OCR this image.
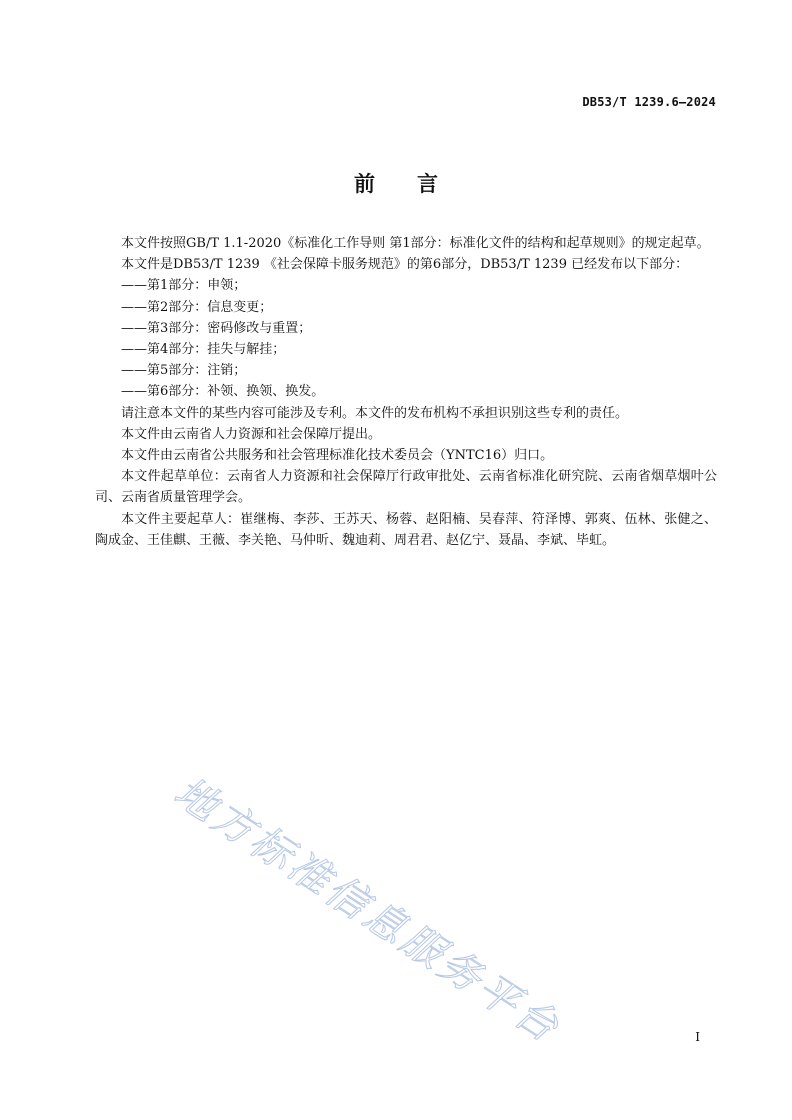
DB53/T 1239.6—2024
前 言

本文件按照GB/T 1.1-2020《标准化工作导则 第1部分：标准化文件的结构和起草规则》的规定起草。

本文件是DB53/T 1239 《社会保障卡服务规范》的第6部分，DB53/T 1239 已经发布以下部分：

——第1部分：申领；

——第2部分：信息变更；

——第3部分：密码修改与重置；

——第4部分：挂失与解挂；

——第5部分：注销；

——第6部分：补领、换领、换发。

请注意本文件的某些内容可能涉及专利。本文件的发布机构不承担识别这些专利的责任。

本文件由云南省人力资源和社会保障厅提出。

本文件由云南省公共服务和社会管理标准化技术委员会（YNTC16）归口。

本文件起草单位：云南省人力资源和社会保障厅行政审批处、云南省标准化研究院、云南省烟草烟叶公司、云南省质量管理学会。

本文件主要起草人：崔继梅、李莎、王苏天、杨蓉、赵阳楠、吴春萍、符泽博、郭爽、伍林、张健之、陶成金、王佳麒、王薇、李关艳、马仲昕、魏迪莉、周君君、赵亿宁、聂晶、李斌、毕虹。

地方标准信息服务平台	I
